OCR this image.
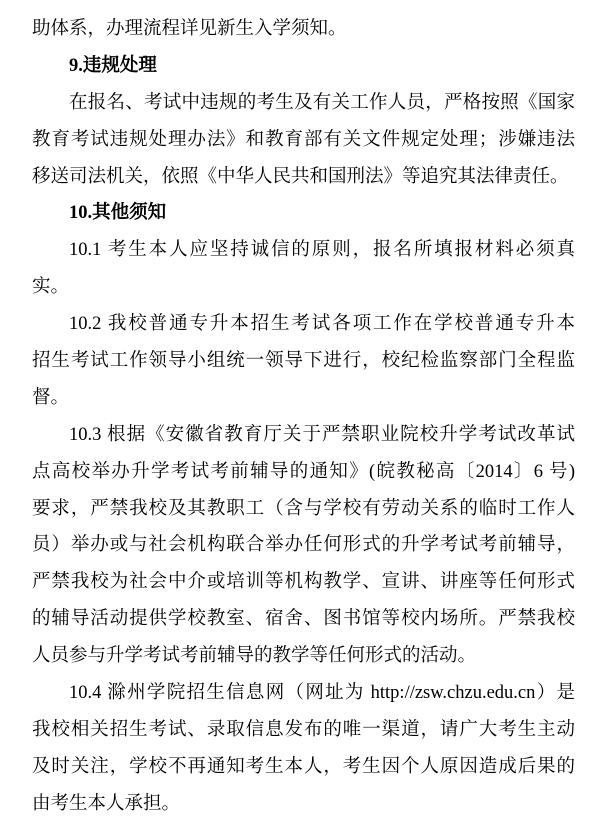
助体系，办理流程详见新生入学须知。
9.违规处理
在报名、考试中违规的考生及有关工作人员，严格按照《国家
教育考试违规处理办法》和教育部有关文件规定处理；涉嫌违法
移送司法机关，依照《中华人民共和国刑法》等追究其法律责任。
10.其他须知
10.1 考生本人应坚持诚信的原则，报名所填报材料必须真
实。
10.2 我校普通专升本招生考试各项工作在学校普通专升本
招生考试工作领导小组统一领导下进行，校纪检监察部门全程监
督。
10.3 根据《安徽省教育厅关于严禁职业院校升学考试改革试
点高校举办升学考试考前辅导的通知》(皖教秘高〔2014〕6 号)
要求，严禁我校及其教职工（含与学校有劳动关系的临时工作人
员）举办或与社会机构联合举办任何形式的升学考试考前辅导，
严禁我校为社会中介或培训等机构教学、宣讲、讲座等任何形式
的辅导活动提供学校教室、宿舍、图书馆等校内场所。严禁我校
人员参与升学考试考前辅导的教学等任何形式的活动。
10.4 滁州学院招生信息网（网址为 http://zsw.chzu.edu.cn）是
我校相关招生考试、录取信息发布的唯一渠道，请广大考生主动
及时关注，学校不再通知考生本人，考生因个人原因造成后果的
由考生本人承担。
